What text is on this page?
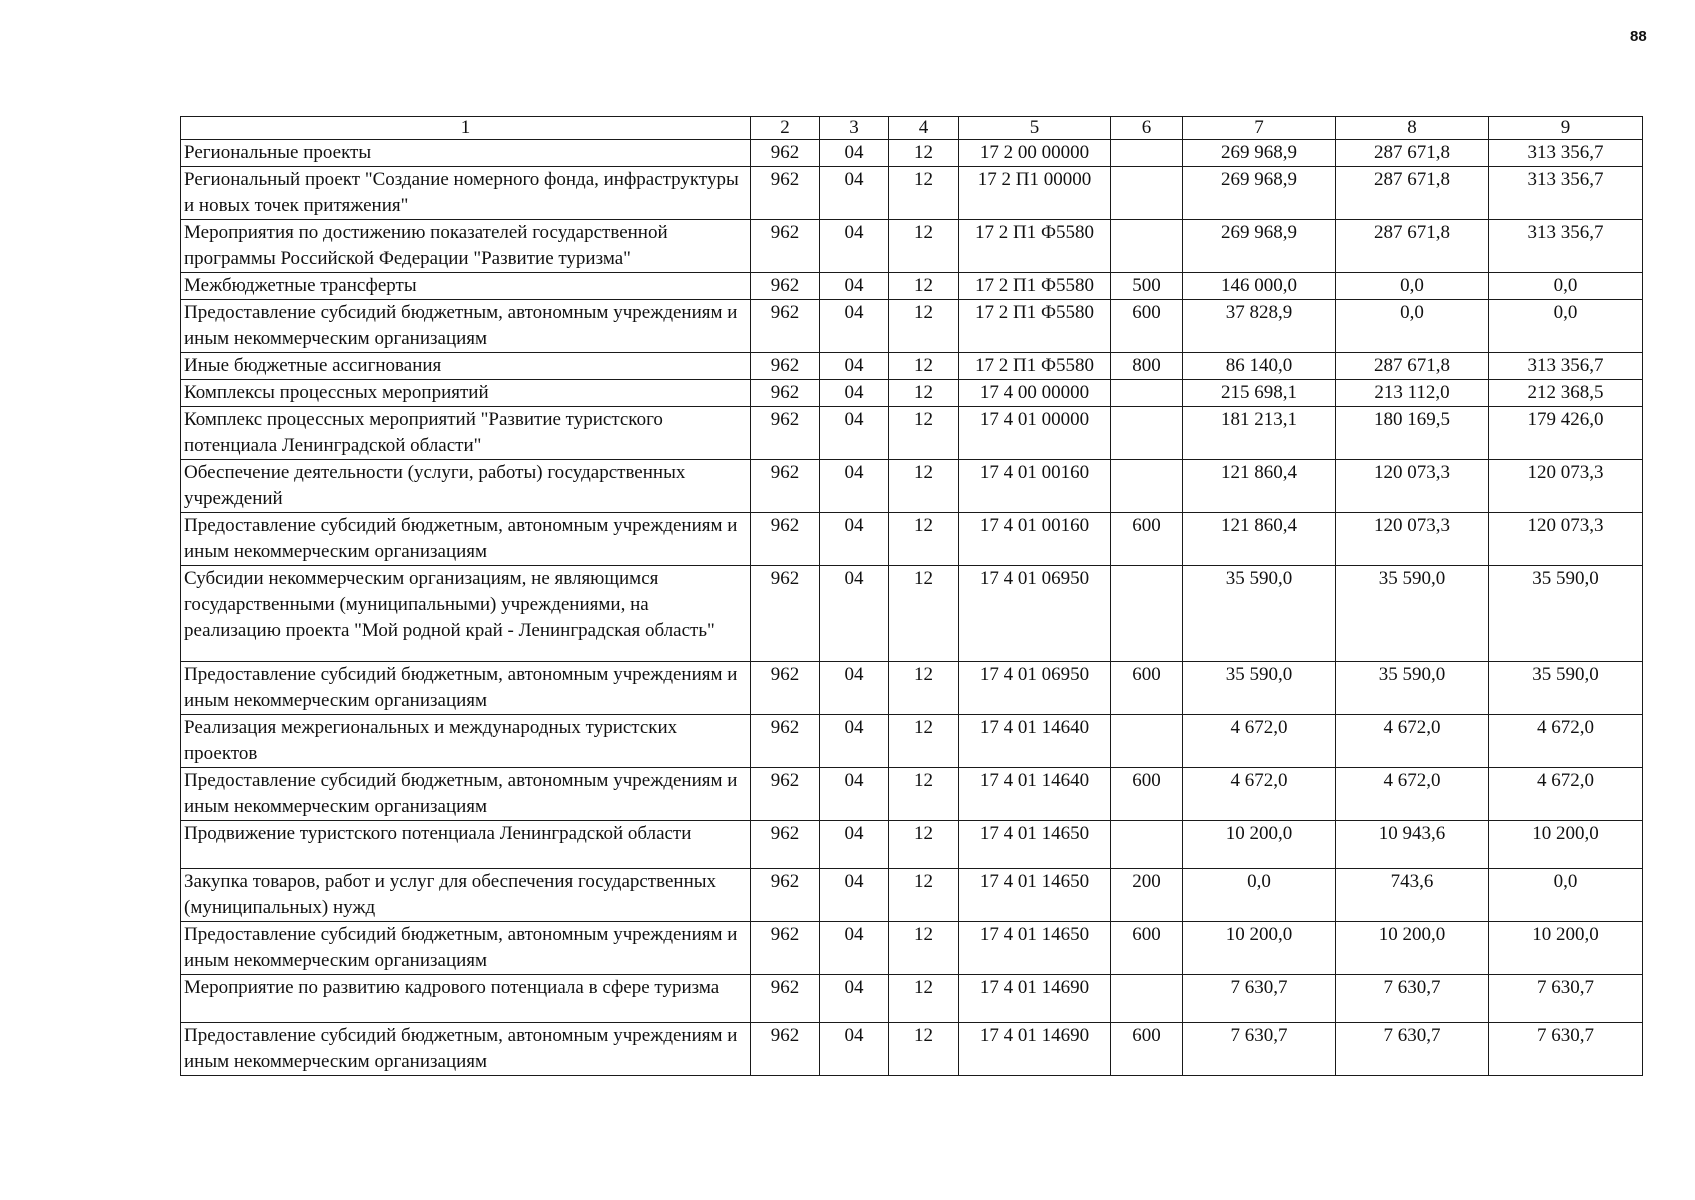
88
1	2	3	4	5	6	7	8	9
Региональные проекты	962	04	12	17 2 00 00000		269 968,9	287 671,8	313 356,7
Региональный проект "Создание номерного фонда, инфраструктуры и новых точек притяжения"	962	04	12	17 2 П1 00000		269 968,9	287 671,8	313 356,7
Мероприятия по достижению показателей государственной программы Российской Федерации "Развитие туризма"	962	04	12	17 2 П1 Ф5580		269 968,9	287 671,8	313 356,7
Межбюджетные трансферты	962	04	12	17 2 П1 Ф5580	500	146 000,0	0,0	0,0
Предоставление субсидий бюджетным, автономным учреждениям и иным некоммерческим организациям	962	04	12	17 2 П1 Ф5580	600	37 828,9	0,0	0,0
Иные бюджетные ассигнования	962	04	12	17 2 П1 Ф5580	800	86 140,0	287 671,8	313 356,7
Комплексы процессных мероприятий	962	04	12	17 4 00 00000		215 698,1	213 112,0	212 368,5
Комплекс процессных мероприятий "Развитие туристского потенциала Ленинградской области"	962	04	12	17 4 01 00000		181 213,1	180 169,5	179 426,0
Обеспечение деятельности (услуги, работы) государственных учреждений	962	04	12	17 4 01 00160		121 860,4	120 073,3	120 073,3
Предоставление субсидий бюджетным, автономным учреждениям и иным некоммерческим организациям	962	04	12	17 4 01 00160	600	121 860,4	120 073,3	120 073,3
Субсидии некоммерческим организациям, не являющимся государственными (муниципальными) учреждениями, на реализацию проекта "Мой родной край - Ленинградская область"	962	04	12	17 4 01 06950		35 590,0	35 590,0	35 590,0
Предоставление субсидий бюджетным, автономным учреждениям и иным некоммерческим организациям	962	04	12	17 4 01 06950	600	35 590,0	35 590,0	35 590,0
Реализация межрегиональных и международных туристских проектов	962	04	12	17 4 01 14640		4 672,0	4 672,0	4 672,0
Предоставление субсидий бюджетным, автономным учреждениям и иным некоммерческим организациям	962	04	12	17 4 01 14640	600	4 672,0	4 672,0	4 672,0
Продвижение туристского потенциала Ленинградской области	962	04	12	17 4 01 14650		10 200,0	10 943,6	10 200,0
Закупка товаров, работ и услуг для обеспечения государственных (муниципальных) нужд	962	04	12	17 4 01 14650	200	0,0	743,6	0,0
Предоставление субсидий бюджетным, автономным учреждениям и иным некоммерческим организациям	962	04	12	17 4 01 14650	600	10 200,0	10 200,0	10 200,0
Мероприятие по развитию кадрового потенциала в сфере туризма	962	04	12	17 4 01 14690		7 630,7	7 630,7	7 630,7
Предоставление субсидий бюджетным, автономным учреждениям и иным некоммерческим организациям	962	04	12	17 4 01 14690	600	7 630,7	7 630,7	7 630,7
